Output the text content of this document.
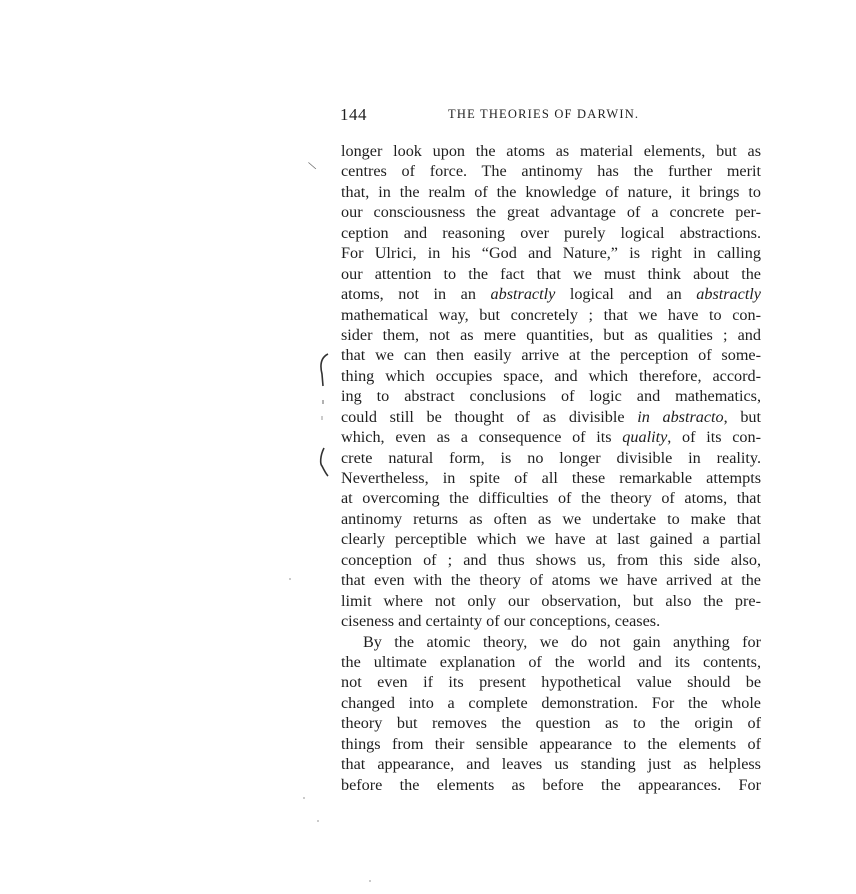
144	THE THEORIES OF DARWIN.
\
longer look upon the atoms as material elements, but as
centres of force. The antinomy has the further merit
that, in the realm of the knowledge of nature, it brings to
our consciousness the great advantage of a concrete per-
ception and reasoning over purely logical abstractions.
For Ulrici, in his “God and Nature,” is right in calling
our attention to the fact that we must think about the
atoms, not in an abstractly logical and an abstractly
mathematical way, but concretely ; that we have to con-
sider them, not as mere quantities, but as qualities ; and
that we can then easily arrive at the perception of some-
thing which occupies space, and which therefore, accord-
ing to abstract conclusions of logic and mathematics,
could still be thought of as divisible in abstracto, but
which, even as a consequence of its quality, of its con-
crete natural form, is no longer divisible in reality.
Nevertheless, in spite of all these remarkable attempts
at overcoming the difficulties of the theory of atoms, that
antinomy returns as often as we undertake to make that
clearly perceptible which we have at last gained a partial
conception of ; and thus shows us, from this side also,
that even with the theory of atoms we have arrived at the
limit where not only our observation, but also the pre-
ciseness and certainty of our conceptions, ceases.
By the atomic theory, we do not gain anything for
the ultimate explanation of the world and its contents,
not even if its present hypothetical value should be
changed into a complete demonstration. For the whole
theory but removes the question as to the origin of
things from their sensible appearance to the elements of
that appearance, and leaves us standing just as helpless
before the elements as before the appearances. For
